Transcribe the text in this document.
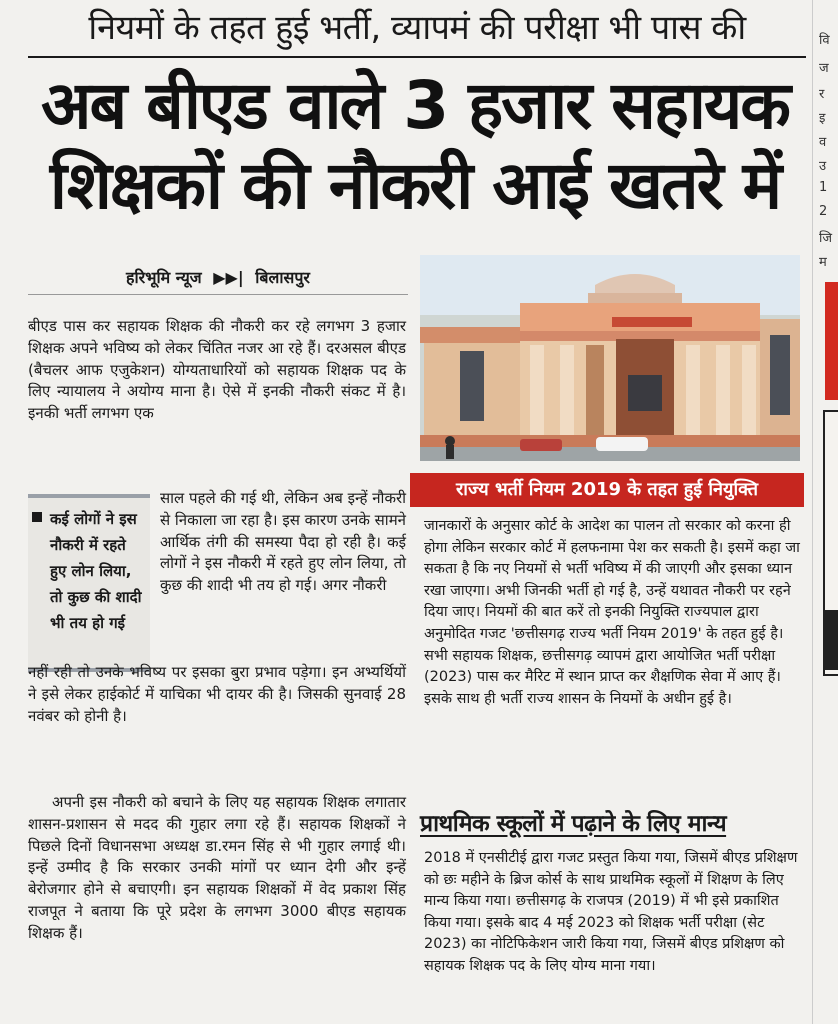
नियमों के तहत हुई भर्ती, व्यापमं की परीक्षा भी पास की
अब बीएड वाले 3 हजार सहायक
शिक्षकों की नौकरी आई खतरे में
हरिभूमि न्यूज ▶▶| बिलासपुर
बीएड पास कर सहायक शिक्षक की नौकरी कर रहे लगभग 3 हजार शिक्षक अपने भविष्य को लेकर चिंतित नजर आ रहे हैं। दरअसल बीएड (बैचलर आफ एजुकेशन) योग्यताधारियों को सहायक शिक्षक पद के लिए न्यायालय ने अयोग्य माना है। ऐसे में इनकी नौकरी संकट में है। इनकी भर्ती लगभग एक
कई लोगों ने इस नौकरी में रहते हुए लोन लिया, तो कुछ की शादी भी तय हो गई
साल पहले की गई थी, लेकिन अब इन्हें नौकरी से निकाला जा रहा है। इस कारण उनके सामने आर्थिक तंगी की समस्या पैदा हो रही है। कई लोगों ने इस नौकरी में रहते हुए लोन लिया, तो कुछ की शादी भी तय हो गई। अगर नौकरी
नहीं रही तो उनके भविष्य पर इसका बुरा प्रभाव पड़ेगा। इन अभ्यर्थियों ने इसे लेकर हाईकोर्ट में याचिका भी दायर की है। जिसकी सुनवाई 28 नवंबर को होनी है।
अपनी इस नौकरी को बचाने के लिए यह सहायक शिक्षक लगातार शासन-प्रशासन से मदद की गुहार लगा रहे हैं। सहायक शिक्षकों ने पिछले दिनों विधानसभा अध्यक्ष डा.रमन सिंह से भी गुहार लगाई थी। इन्हें उम्मीद है कि सरकार उनकी मांगों पर ध्यान देगी और इन्हें बेरोजगार होने से बचाएगी। इन सहायक शिक्षकों में वेद प्रकाश सिंह राजपूत ने बताया कि पूरे प्रदेश के लगभग 3000 बीएड सहायक शिक्षक हैं।
राज्य भर्ती नियम 2019 के तहत हुई नियुक्ति
जानकारों के अनुसार कोर्ट के आदेश का पालन तो सरकार को करना ही होगा लेकिन सरकार कोर्ट में हलफनामा पेश कर सकती है। इसमें कहा जा सकता है कि नए नियमों से भर्ती भविष्य में की जाएगी और इसका ध्यान रखा जाएगा। अभी जिनकी भर्ती हो गई है, उन्हें यथावत नौकरी पर रहने दिया जाए। नियमों की बात करें तो इनकी नियुक्ति राज्यपाल द्वारा अनुमोदित गजट 'छत्तीसगढ़ राज्य भर्ती नियम 2019' के तहत हुई है। सभी सहायक शिक्षक, छत्तीसगढ़ व्यापमं द्वारा आयोजित भर्ती परीक्षा (2023) पास कर मैरिट में स्थान प्राप्त कर शैक्षणिक सेवा में आए हैं। इसके साथ ही भर्ती राज्य शासन के नियमों के अधीन हुई है।
प्राथमिक स्कूलों में पढ़ाने के लिए मान्य
2018 में एनसीटीई द्वारा गजट प्रस्तुत किया गया, जिसमें बीएड प्रशिक्षण को छः महीने के ब्रिज कोर्स के साथ प्राथमिक स्कूलों में शिक्षण के लिए मान्य किया गया। छत्तीसगढ़ के राजपत्र (2019) में भी इसे प्रकाशित किया गया। इसके बाद 4 मई 2023 को शिक्षक भर्ती परीक्षा (सेट 2023) का नोटिफिकेशन जारी किया गया, जिसमें बीएड प्रशिक्षण को सहायक शिक्षक पद के लिए योग्य माना गया।
वि
ज
र
इ
व
उ
1
2
जि
म
